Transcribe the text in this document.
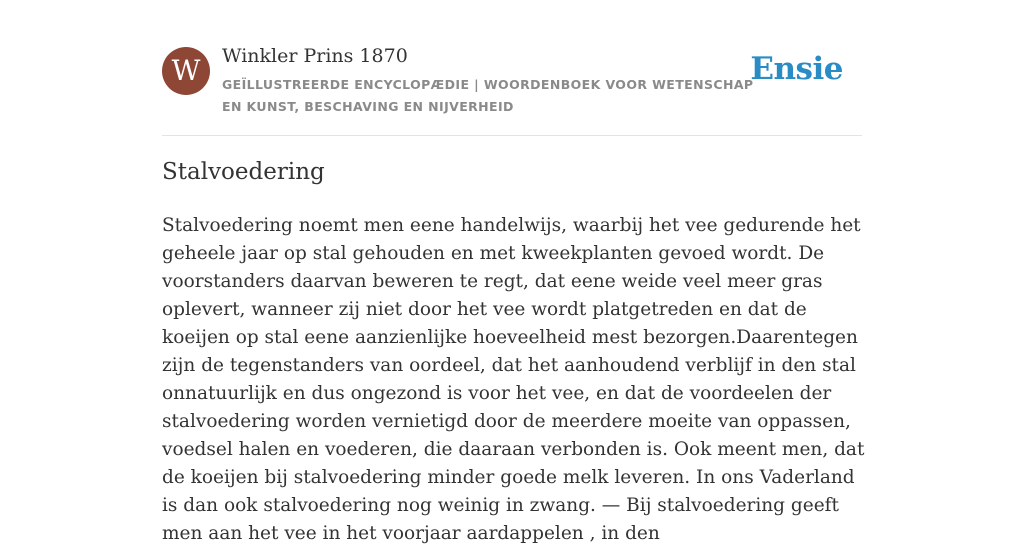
W	Winkler Prins 1870
GEÏLLUSTREERDE ENCYCLOPÆDIE | WOORDENBOEK VOOR WETENSCHAP EN KUNST, BESCHAVING EN NIJVERHEID
Ensie
Stalvoedering

Stalvoedering noemt men eene handelwijs, waarbij het vee gedurende het geheele jaar op stal gehouden en met kweekplanten gevoed wordt. De voorstanders daarvan beweren te regt, dat eene weide veel meer gras oplevert, wanneer zij niet door het vee wordt platgetreden en dat de koeijen op stal eene aanzienlijke hoeveelheid mest bezorgen.Daarentegen zijn de tegenstanders van oordeel, dat het aanhoudend verblijf in den stal onnatuurlijk en dus ongezond is voor het vee, en dat de voordeelen der stalvoedering worden vernietigd door de meerdere moeite van oppassen, voedsel halen en voederen, die daaraan verbonden is. Ook meent men, dat de koeijen bij stalvoedering minder goede melk leveren. In ons Vaderland is dan ook stalvoedering nog weinig in zwang. — Bij stalvoedering geeft men aan het vee in het voorjaar aardappelen , in den
